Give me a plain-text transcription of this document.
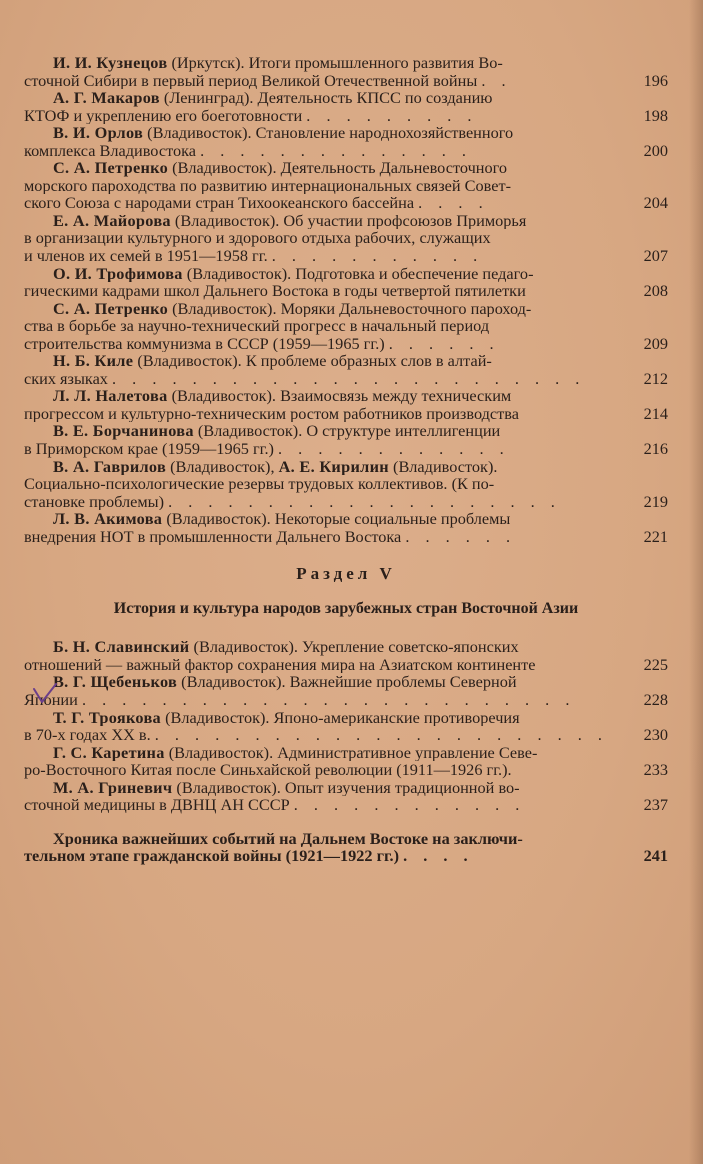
И. И. Кузнецов (Иркутск). Итоги промышленного развития Во-
сточной Сибири в первый период Великой Отечественной войны . .	196
А. Г. Макаров (Ленинград). Деятельность КПСС по созданию
КТОФ и укреплению его боеготовности . . . . . . . . .	198
В. И. Орлов (Владивосток). Становление народнохозяйственного
комплекса Владивостока . . . . . . . . . . . . . .	200
С. А. Петренко (Владивосток). Деятельность Дальневосточного
морского пароходства по развитию интернациональных связей Совет-
ского Союза с народами стран Тихоокеанского бассейна . . . .	204
Е. А. Майорова (Владивосток). Об участии профсоюзов Приморья
в организации культурного и здорового отдыха рабочих, служащих
и членов их семей в 1951—1958 гг. . . . . . . . . . . .	207
О. И. Трофимова (Владивосток). Подготовка и обеспечение педаго-
гическими кадрами школ Дальнего Востока в годы четвертой пятилетки	208
С. А. Петренко (Владивосток). Моряки Дальневосточного пароход-
ства в борьбе за научно-технический прогресс в начальный период
строительства коммунизма в СССР (1959—1965 гг.) . . . . . .	209
Н. Б. Киле (Владивосток). К проблеме образных слов в алтай-
ских языках . . . . . . . . . . . . . . . . . . . . . . . .	212
Л. Л. Налетова (Владивосток). Взаимосвязь между техническим
прогрессом и культурно-техническим ростом работников производства	214
В. Е. Борчанинова (Владивосток). О структуре интеллигенции
в Приморском крае (1959—1965 гг.) . . . . . . . . . . . .	216
В. А. Гаврилов (Владивосток), А. Е. Кирилин (Владивосток).
Социально-психологические резервы трудовых коллективов. (К по-
становке проблемы) . . . . . . . . . . . . . . . . . . . .	219
Л. В. Акимова (Владивосток). Некоторые социальные проблемы
внедрения НОТ в промышленности Дальнего Востока . . . . . .	221
Раздел V
История и культура народов зарубежных стран Восточной Азии
Б. Н. Славинский (Владивосток). Укрепление советско-японских
отношений — важный фактор сохранения мира на Азиатском континенте	225
В. Г. Щебеньков (Владивосток). Важнейшие проблемы Северной
Японии . . . . . . . . . . . . . . . . . . . . . . . . .	228
Т. Г. Троякова (Владивосток). Японо-американские противоречия
в 70-х годах XX в. . . . . . . . . . . . . . . . . . . . . . . .	230
Г. С. Каретина (Владивосток). Административное управление Севе-
ро-Восточного Китая после Синьхайской революции (1911—1926 гг.).	233
М. А. Гриневич (Владивосток). Опыт изучения традиционной во-
сточной медицины в ДВНЦ АН СССР . . . . . . . . . . . .	237
Хроника важнейших событий на Дальнем Востоке на заключи-
тельном этапе гражданской войны (1921—1922 гг.) . . . .	241
